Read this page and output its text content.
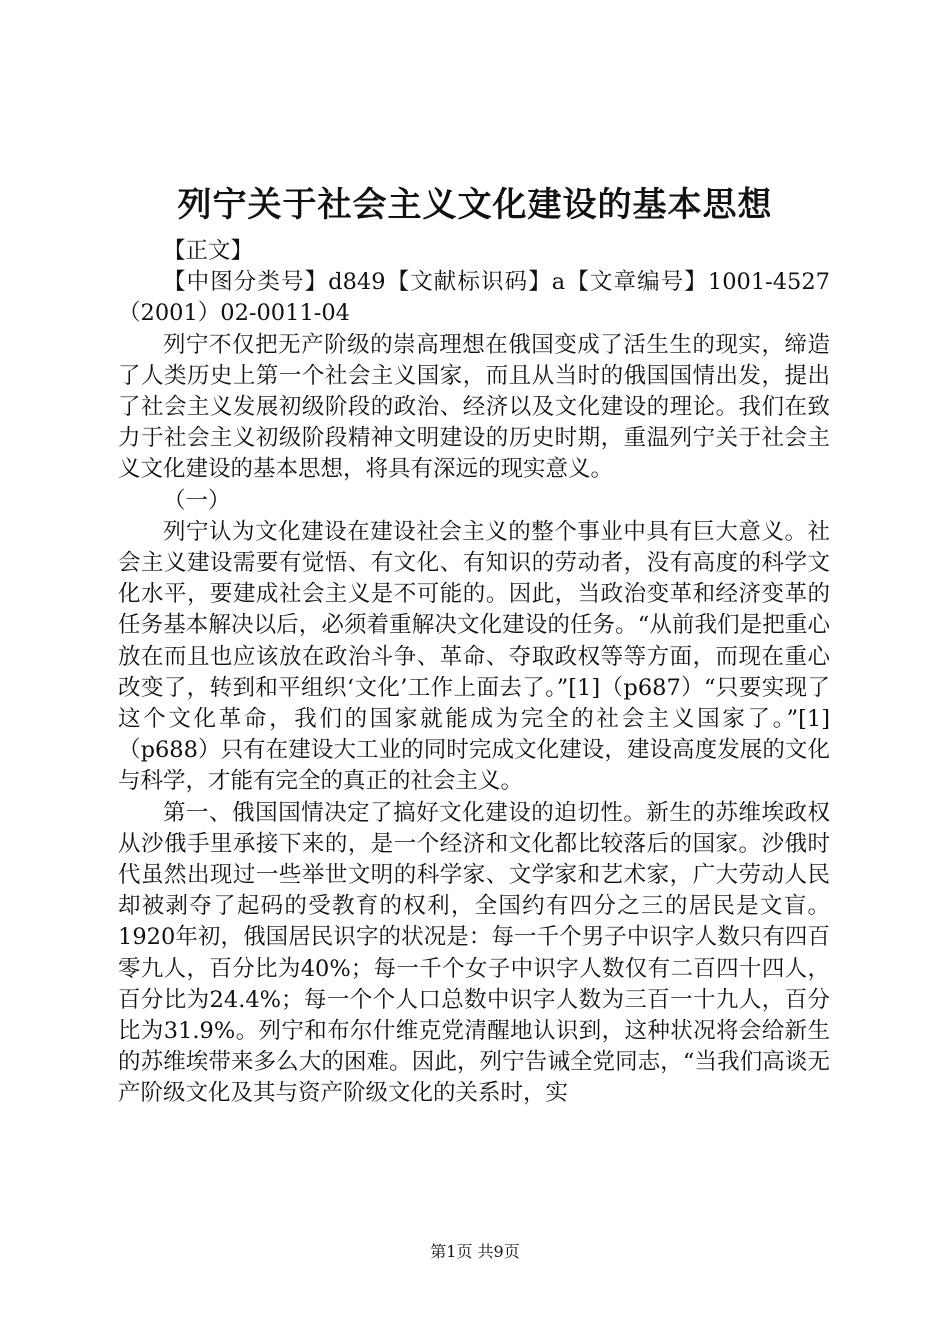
列宁关于社会主义文化建设的基本思想

【正文】

【中图分类号】d849【文献标识码】a【文章编号】1001-4527（2001）02-0011-04

列宁不仅把无产阶级的崇高理想在俄国变成了活生生的现实，缔造了人类历史上第一个社会主义国家，而且从当时的俄国国情出发，提出了社会主义发展初级阶段的政治、经济以及文化建设的理论。我们在致力于社会主义初级阶段精神文明建设的历史时期，重温列宁关于社会主义文化建设的基本思想，将具有深远的现实意义。

（一）

列宁认为文化建设在建设社会主义的整个事业中具有巨大意义。社会主义建设需要有觉悟、有文化、有知识的劳动者，没有高度的科学文化水平，要建成社会主义是不可能的。因此，当政治变革和经济变革的任务基本解决以后，必须着重解决文化建设的任务。“从前我们是把重心放在而且也应该放在政治斗争、革命、夺取政权等等方面，而现在重心改变了，转到和平组织‘文化’工作上面去了。”[1]（p687）“只要实现了这个文化革命，我们的国家就能成为完全的社会主义国家了。”[1]（p688）只有在建设大工业的同时完成文化建设，建设高度发展的文化与科学，才能有完全的真正的社会主义。

第一、俄国国情决定了搞好文化建设的迫切性。新生的苏维埃政权从沙俄手里承接下来的，是一个经济和文化都比较落后的国家。沙俄时代虽然出现过一些举世文明的科学家、文学家和艺术家，广大劳动人民却被剥夺了起码的受教育的权利，全国约有四分之三的居民是文盲。1920年初，俄国居民识字的状况是：每一千个男子中识字人数只有四百零九人，百分比为40%；每一千个女子中识字人数仅有二百四十四人，百分比为24.4%；每一个个人口总数中识字人数为三百一十九人，百分比为31.9%。列宁和布尔什维克党清醒地认识到，这种状况将会给新生的苏维埃带来多么大的困难。因此，列宁告诫全党同志，“当我们高谈无产阶级文化及其与资产阶级文化的关系时，实

第1页 共9页
